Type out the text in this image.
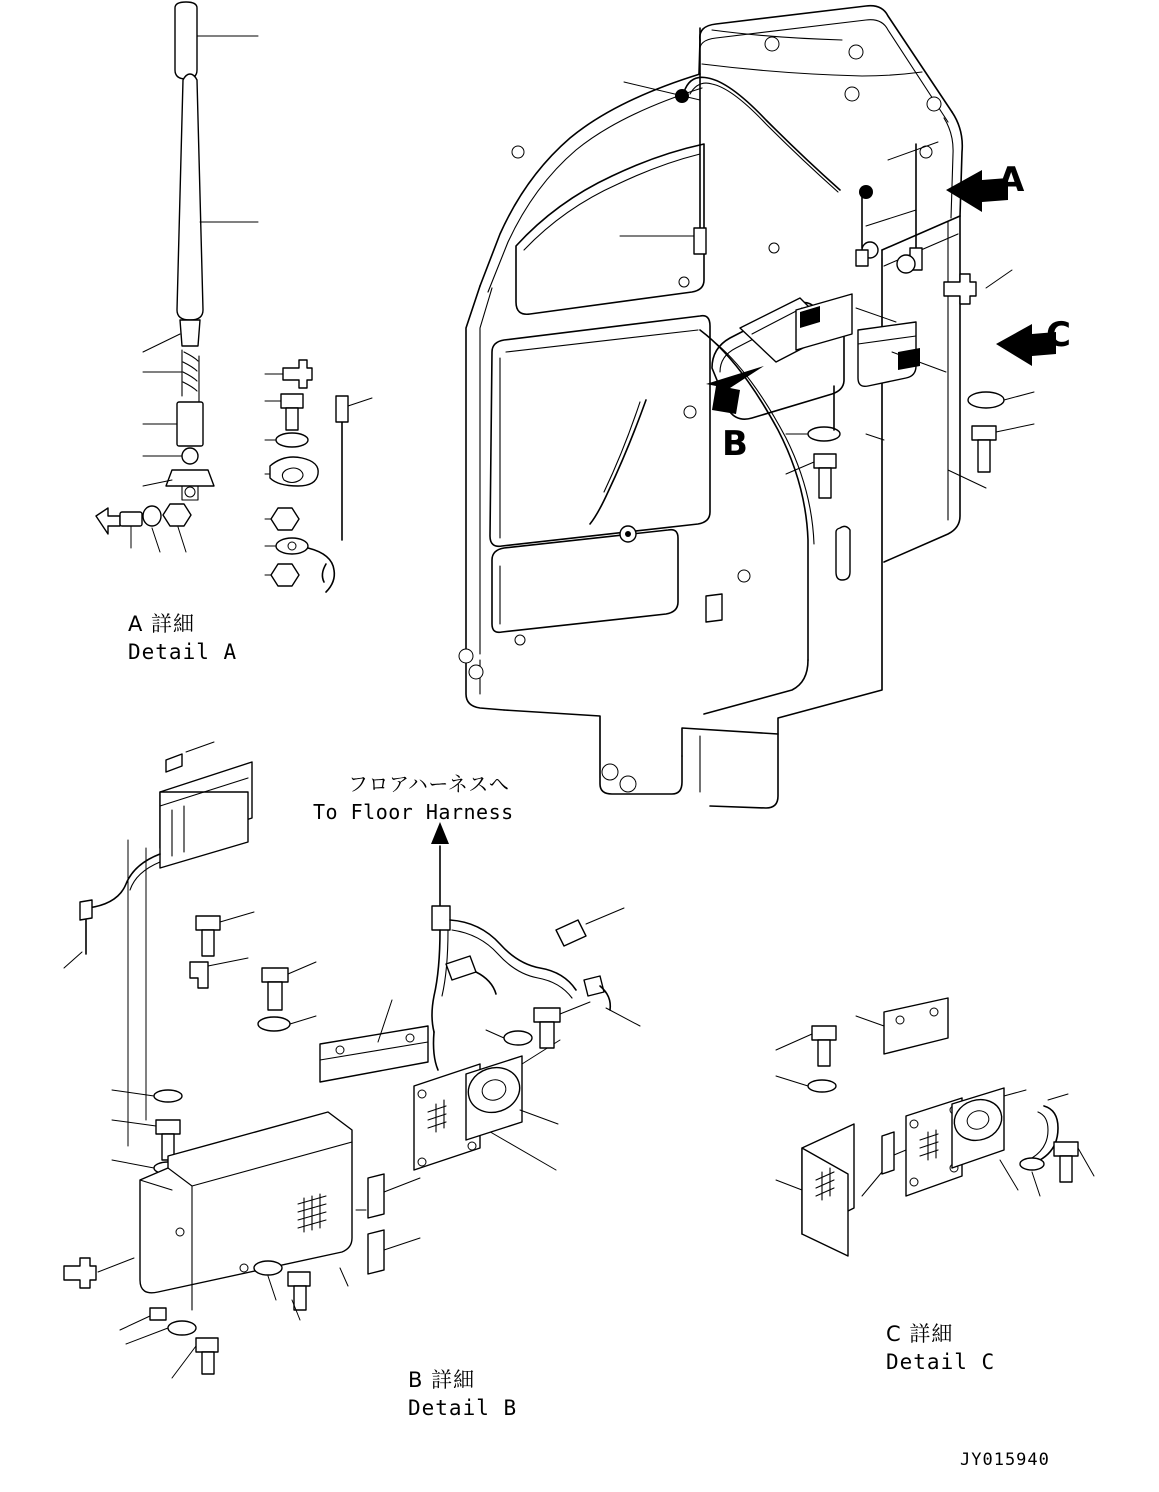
A
C
B
A 詳細
Detail A
B 詳細
Detail B
C 詳細
Detail C
フロアハーネスへ
To Floor Harness
JY015940
